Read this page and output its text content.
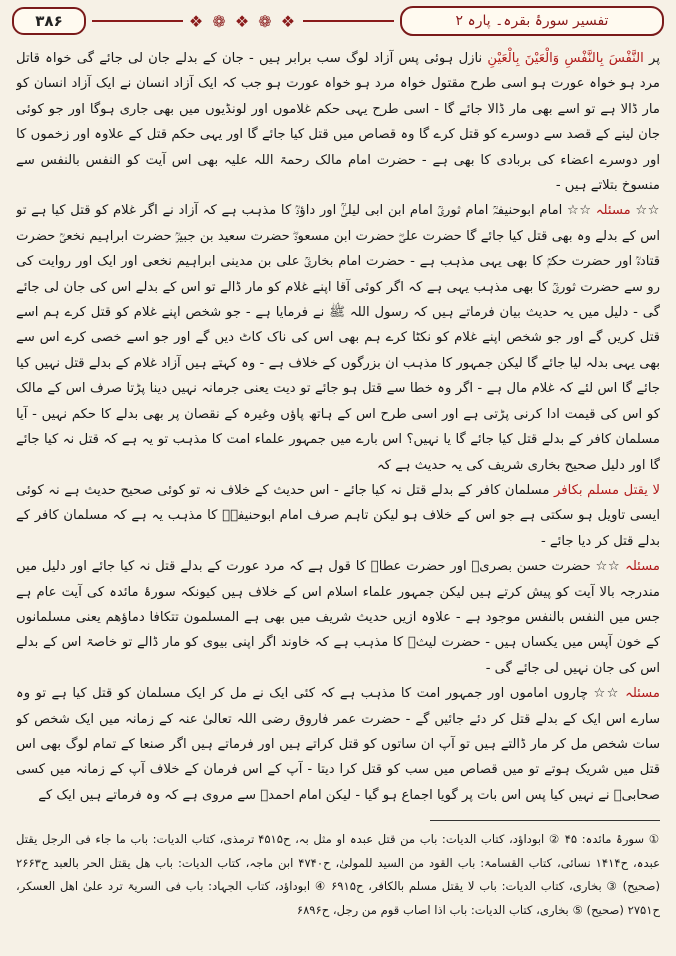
۳۸۶	❖ ❁ ❖ ❁ ❖	تفسیر سورۂ بقرہ۔ پارہ ۲

پر النَّفْسَ بِالنَّفْسِ وَالْعَيْنَ بِالْعَيْنِ نازل ہوئی پس آزاد لوگ سب برابر ہیں - جان کے بدلے جان لی جائے گی خواہ قاتل مرد ہو خواہ عورت ہو اسی طرح مقتول خواہ مرد ہو خواہ عورت ہو جب کہ ایک آزاد انسان نے ایک آزاد انسان کو مار ڈالا ہے تو اسے بھی مار ڈالا جائے گا - اسی طرح یہی حکم غلاموں اور لونڈیوں میں بھی جاری ہوگا اور جو کوئی جان لینے کے قصد سے دوسرے کو قتل کرے گا وہ قصاص میں قتل کیا جائے گا اور یہی حکم قتل کے علاوہ اور زخموں کا اور دوسرے اعضاء کی بربادی کا بھی ہے - حضرت امام مالک رحمۃ اللہ علیہ بھی اس آیت کو النفس بالنفس سے منسوخ بتلاتے ہیں -

☆☆ مسئلہ ☆☆ امام ابوحنیفہؒ امام ثوریؒ امام ابن ابی لیلیٰؒ اور داؤدؒ کا مذہب ہے کہ آزاد نے اگر غلام کو قتل کیا ہے تو اس کے بدلے وہ بھی قتل کیا جائے گا حضرت علیؓ حضرت ابن مسعودؓ حضرت سعید بن جبیرؒ حضرت ابراہیم نخعیؒ حضرت قتادہؒ اور حضرت حکمؒ کا بھی یہی مذہب ہے - حضرت امام بخاریؒ علی بن مدینی ابراہیم نخعی اور ایک اور روایت کی رو سے حضرت ثوریؒ کا بھی مذہب یہی ہے کہ اگر کوئی آقا اپنے غلام کو مار ڈالے تو اس کے بدلے اس کی جان لی جائے گی - دلیل میں یہ حدیث بیان فرماتے ہیں کہ رسول اللہ ﷺ نے فرمایا ہے - جو شخص اپنے غلام کو قتل کرے ہم اسے قتل کریں گے اور جو شخص اپنے غلام کو نکٹا کرے ہم بھی اس کی ناک کاٹ دیں گے اور جو اسے خصی کرے اس سے بھی یہی بدلہ لیا جائے گا لیکن جمہور کا مذہب ان بزرگوں کے خلاف ہے - وہ کہتے ہیں آزاد غلام کے بدلے قتل نہیں کیا جائے گا اس لئے کہ غلام مال ہے - اگر وہ خطا سے قتل ہو جائے تو دیت یعنی جرمانہ نہیں دینا پڑتا صرف اس کے مالک کو اس کی قیمت ادا کرنی پڑتی ہے اور اسی طرح اس کے ہاتھ پاؤں وغیرہ کے نقصان پر بھی بدلے کا حکم نہیں - آیا مسلمان کافر کے بدلے قتل کیا جائے گا یا نہیں؟ اس بارے میں جمہور علماء امت کا مذہب تو یہ ہے کہ قتل نہ کیا جائے گا اور دلیل صحیح بخاری شریف کی یہ حدیث ہے کہ

لا يقتل مسلم بكافر مسلمان کافر کے بدلے قتل نہ کیا جائے - اس حدیث کے خلاف نہ تو کوئی صحیح حدیث ہے نہ کوئی ایسی تاویل ہو سکتی ہے جو اس کے خلاف ہو لیکن تاہم صرف امام ابوحنیفہؒ کا مذہب یہ ہے کہ مسلمان کافر کے بدلے قتل کر دیا جائے -

مسئلہ ☆☆ حضرت حسن بصریؒ اور حضرت عطاؒ کا قول ہے کہ مرد عورت کے بدلے قتل نہ کیا جائے اور دلیل میں مندرجہ بالا آیت کو پیش کرتے ہیں لیکن جمہور علماء اسلام اس کے خلاف ہیں کیونکہ سورۂ مائدہ کی آیت عام ہے جس میں النفس بالنفس موجود ہے - علاوہ ازیں حدیث شریف میں بھی ہے المسلمون تتكافا دماؤهم یعنی مسلمانوں کے خون آپس میں یکساں ہیں - حضرت لیثؒ کا مذہب ہے کہ خاوند اگر اپنی بیوی کو مار ڈالے تو خاصۃ اس کے بدلے اس کی جان نہیں لی جائے گی -

مسئلہ ☆☆ چاروں اماموں اور جمہور امت کا مذہب ہے کہ کئی ایک نے مل کر ایک مسلمان کو قتل کیا ہے تو وہ سارے اس ایک کے بدلے قتل کر دئے جائیں گے - حضرت عمر فاروق رضی اللہ تعالیٰ عنہ کے زمانہ میں ایک شخص کو سات شخص مل کر مار ڈالتے ہیں تو آپ ان ساتوں کو قتل کراتے ہیں اور فرماتے ہیں اگر صنعا کے تمام لوگ بھی اس قتل میں شریک ہوتے تو میں قصاص میں سب کو قتل کرا دیتا - آپ کے اس فرمان کے خلاف آپ کے زمانہ میں کسی صحابیؓ نے نہیں کیا پس اس بات پر گویا اجماع ہو گیا - لیکن امام احمدؒ سے مروی ہے کہ وہ فرماتے ہیں ایک کے

① سورۂ مائدہ: ۴۵ ② ابوداؤد، کتاب الدیات: باب من قتل عبدہ او مثل بہ، ح۴۵۱۵ ترمذی، کتاب الدیات: باب ما جاء فی الرجل یقتل عبدہ، ح۱۴۱۴ نسائی، کتاب القسامۃ: باب القود من السید للمولیٰ، ح۴۷۴۰ ابن ماجہ، کتاب الدیات: باب ھل یقتل الحر بالعبد ح۲۶۶۳ (صحیح) ③ بخاری، کتاب الدیات: باب لا یقتل مسلم بالکافر، ح۶۹۱۵ ④ ابوداؤد، کتاب الجہاد: باب فی السریۃ ترد علیٰ اھل العسکر، ح۲۷۵۱ (صحیح) ⑤ بخاری، کتاب الدیات: باب اذا اصاب قوم من رجل، ح۶۸۹۶
